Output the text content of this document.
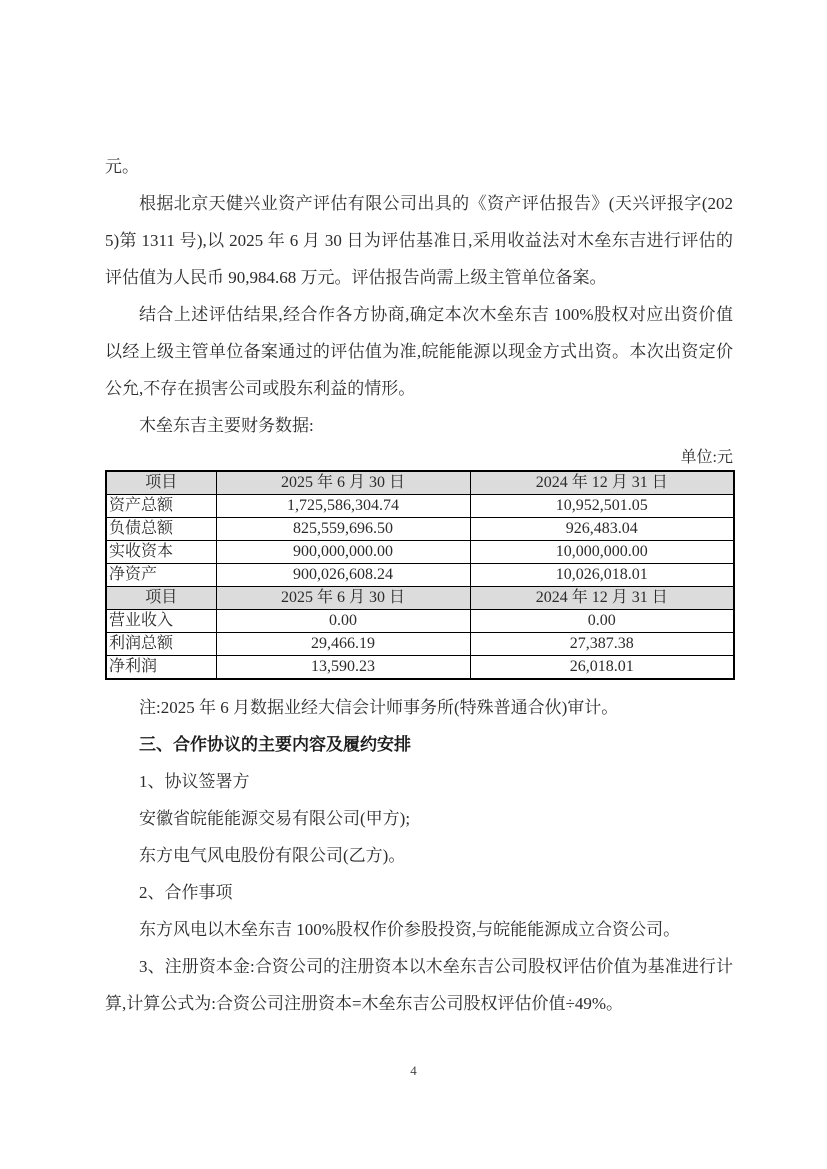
元。

根据北京天健兴业资产评估有限公司出具的《资产评估报告》(天兴评报字(2025)第 1311 号),以 2025 年 6 月 30 日为评估基准日,采用收益法对木垒东吉进行评估的评估值为人民币 90,984.68 万元。评估报告尚需上级主管单位备案。

结合上述评估结果,经合作各方协商,确定本次木垒东吉 100%股权对应出资价值以经上级主管单位备案通过的评估值为准,皖能能源以现金方式出资。本次出资定价公允,不存在损害公司或股东利益的情形。

木垒东吉主要财务数据:

单位:元

项目	2025 年 6 月 30 日	2024 年 12 月 31 日
资产总额	1,725,586,304.74	10,952,501.05
负债总额	825,559,696.50	926,483.04
实收资本	900,000,000.00	10,000,000.00
净资产	900,026,608.24	10,026,018.01
项目	2025 年 6 月 30 日	2024 年 12 月 31 日
营业收入	0.00	0.00
利润总额	29,466.19	27,387.38
净利润	13,590.23	26,018.01

注:2025 年 6 月数据业经大信会计师事务所(特殊普通合伙)审计。

三、合作协议的主要内容及履约安排

1、协议签署方

安徽省皖能能源交易有限公司(甲方);

东方电气风电股份有限公司(乙方)。

2、合作事项

东方风电以木垒东吉 100%股权作价参股投资,与皖能能源成立合资公司。

3、注册资本金:合资公司的注册资本以木垒东吉公司股权评估价值为基准进行计算,计算公式为:合资公司注册资本=木垒东吉公司股权评估价值÷49%。

4
